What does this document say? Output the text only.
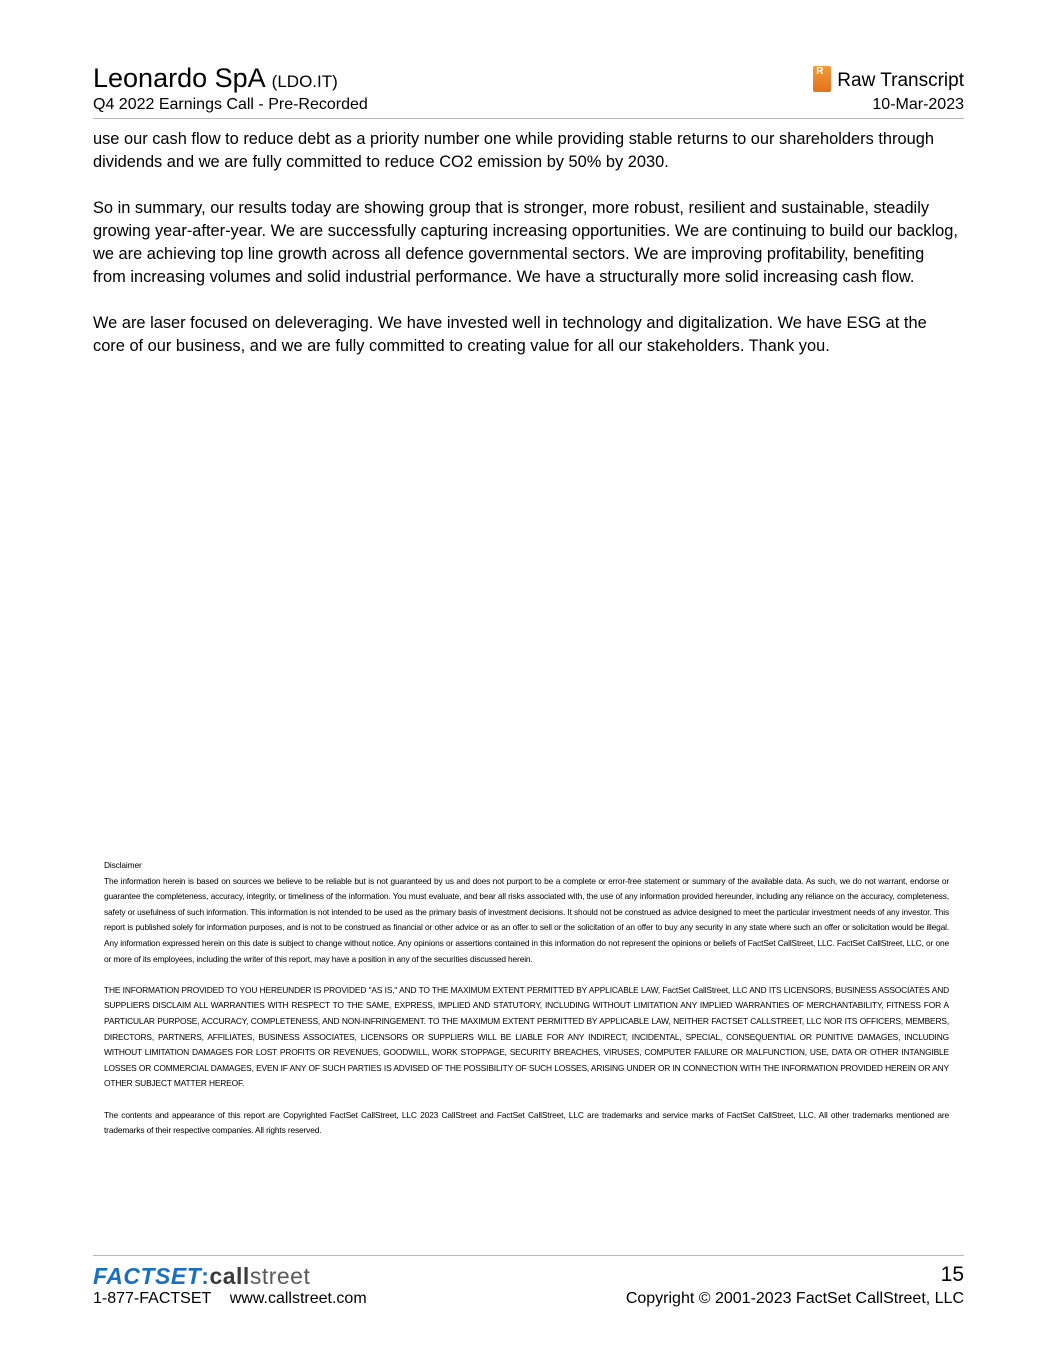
Leonardo SpA (LDO.IT)
Q4 2022 Earnings Call - Pre-Recorded
R Raw Transcript
10-Mar-2023

use our cash flow to reduce debt as a priority number one while providing stable returns to our shareholders through dividends and we are fully committed to reduce CO2 emission by 50% by 2030.

So in summary, our results today are showing group that is stronger, more robust, resilient and sustainable, steadily growing year-after-year. We are successfully capturing increasing opportunities. We are continuing to build our backlog, we are achieving top line growth across all defence governmental sectors. We are improving profitability, benefiting from increasing volumes and solid industrial performance. We have a structurally more solid increasing cash flow.

We are laser focused on deleveraging. We have invested well in technology and digitalization. We have ESG at the core of our business, and we are fully committed to creating value for all our stakeholders. Thank you.

Disclaimer

The information herein is based on sources we believe to be reliable but is not guaranteed by us and does not purport to be a complete or error-free statement or summary of the available data. As such, we do not warrant, endorse or guarantee the completeness, accuracy, integrity, or timeliness of the information. You must evaluate, and bear all risks associated with, the use of any information provided hereunder, including any reliance on the accuracy, completeness, safety or usefulness of such information. This information is not intended to be used as the primary basis of investment decisions. It should not be construed as advice designed to meet the particular investment needs of any investor. This report is published solely for information purposes, and is not to be construed as financial or other advice or as an offer to sell or the solicitation of an offer to buy any security in any state where such an offer or solicitation would be illegal. Any information expressed herein on this date is subject to change without notice. Any opinions or assertions contained in this information do not represent the opinions or beliefs of FactSet CallStreet, LLC. FactSet CallStreet, LLC, or one or more of its employees, including the writer of this report, may have a position in any of the securities discussed herein.

THE INFORMATION PROVIDED TO YOU HEREUNDER IS PROVIDED "AS IS," AND TO THE MAXIMUM EXTENT PERMITTED BY APPLICABLE LAW, FactSet CallStreet, LLC AND ITS LICENSORS, BUSINESS ASSOCIATES AND SUPPLIERS DISCLAIM ALL WARRANTIES WITH RESPECT TO THE SAME, EXPRESS, IMPLIED AND STATUTORY, INCLUDING WITHOUT LIMITATION ANY IMPLIED WARRANTIES OF MERCHANTABILITY, FITNESS FOR A PARTICULAR PURPOSE, ACCURACY, COMPLETENESS, AND NON-INFRINGEMENT. TO THE MAXIMUM EXTENT PERMITTED BY APPLICABLE LAW, NEITHER FACTSET CALLSTREET, LLC NOR ITS OFFICERS, MEMBERS, DIRECTORS, PARTNERS, AFFILIATES, BUSINESS ASSOCIATES, LICENSORS OR SUPPLIERS WILL BE LIABLE FOR ANY INDIRECT, INCIDENTAL, SPECIAL, CONSEQUENTIAL OR PUNITIVE DAMAGES, INCLUDING WITHOUT LIMITATION DAMAGES FOR LOST PROFITS OR REVENUES, GOODWILL, WORK STOPPAGE, SECURITY BREACHES, VIRUSES, COMPUTER FAILURE OR MALFUNCTION, USE, DATA OR OTHER INTANGIBLE LOSSES OR COMMERCIAL DAMAGES, EVEN IF ANY OF SUCH PARTIES IS ADVISED OF THE POSSIBILITY OF SUCH LOSSES, ARISING UNDER OR IN CONNECTION WITH THE INFORMATION PROVIDED HEREIN OR ANY OTHER SUBJECT MATTER HEREOF.

The contents and appearance of this report are Copyrighted FactSet CallStreet, LLC 2023 CallStreet and FactSet CallStreet, LLC are trademarks and service marks of FactSet CallStreet, LLC. All other trademarks mentioned are trademarks of their respective companies. All rights reserved.

FACTSET:callstreet
1-877-FACTSET www.callstreet.com
15
Copyright © 2001-2023 FactSet CallStreet, LLC
